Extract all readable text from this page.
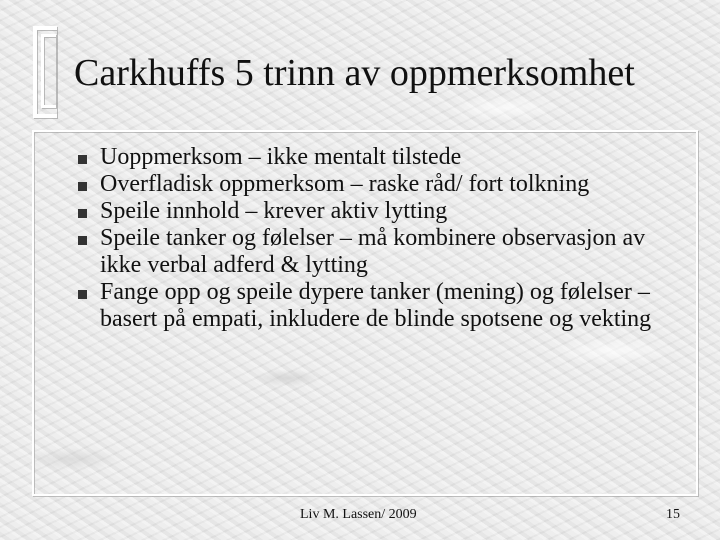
Carkhuffs 5 trinn av oppmerksomhet
Uoppmerksom – ikke mentalt tilstede
Overfladisk oppmerksom – raske råd/ fort tolkning
Speile innhold – krever aktiv lytting
Speile tanker og følelser – må kombinere observasjon av ikke verbal adferd & lytting
Fange opp og speile dypere tanker (mening) og følelser – basert på empati, inkludere de blinde spotsene og vekting
Liv M. Lassen/ 2009	15
